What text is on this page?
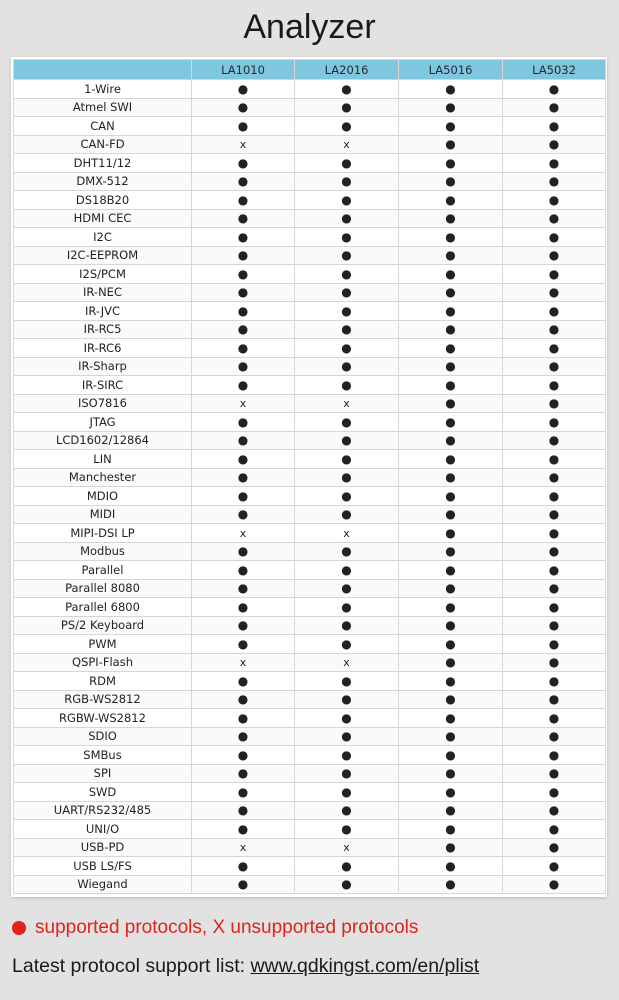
Analyzer
	LA1010	LA2016	LA5016	LA5032
1-Wire	●	●	●	●
Atmel SWI	●	●	●	●
CAN	●	●	●	●
CAN-FD	x	x	●	●
DHT11/12	●	●	●	●
DMX-512	●	●	●	●
DS18B20	●	●	●	●
HDMI CEC	●	●	●	●
I2C	●	●	●	●
I2C-EEPROM	●	●	●	●
I2S/PCM	●	●	●	●
IR-NEC	●	●	●	●
IR-JVC	●	●	●	●
IR-RC5	●	●	●	●
IR-RC6	●	●	●	●
IR-Sharp	●	●	●	●
IR-SIRC	●	●	●	●
ISO7816	x	x	●	●
JTAG	●	●	●	●
LCD1602/12864	●	●	●	●
LIN	●	●	●	●
Manchester	●	●	●	●
MDIO	●	●	●	●
MIDI	●	●	●	●
MIPI-DSI LP	x	x	●	●
Modbus	●	●	●	●
Parallel	●	●	●	●
Parallel 8080	●	●	●	●
Parallel 6800	●	●	●	●
PS/2 Keyboard	●	●	●	●
PWM	●	●	●	●
QSPI-Flash	x	x	●	●
RDM	●	●	●	●
RGB-WS2812	●	●	●	●
RGBW-WS2812	●	●	●	●
SDIO	●	●	●	●
SMBus	●	●	●	●
SPI	●	●	●	●
SWD	●	●	●	●
UART/RS232/485	●	●	●	●
UNI/O	●	●	●	●
USB-PD	x	x	●	●
USB LS/FS	●	●	●	●
Wiegand	●	●	●	●
supported protocols, X unsupported protocols
Latest protocol support list: www.qdkingst.com/en/plist
